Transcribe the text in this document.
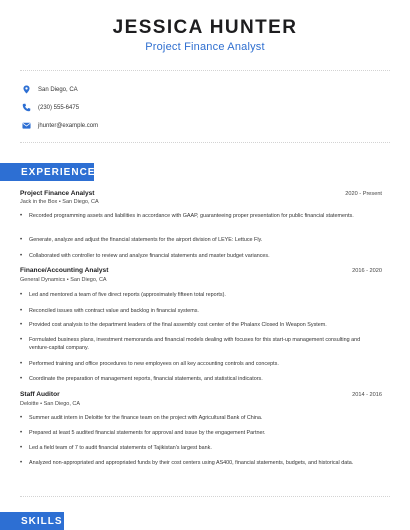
JESSICA HUNTER
Project Finance Analyst
San Diego, CA
(230) 555-6475
jhunter@example.com
EXPERIENCE
Project Finance Analyst	2020 - Present
Jack in the Box • San Diego, CA
•	Recorded programming assets and liabilities in accordance with GAAP, guaranteeing proper presentation for public financial statements.
•	Generate, analyze and adjust the financial statements for the airport division of LEYE: Lettuce Fly.
•	Collaborated with controller to review and analyze financial statements and master budget variances.
Finance/Accounting Analyst	2016 - 2020
General Dynamics • San Diego, CA
•	Led and mentored a team of five direct reports (approximately fifteen total reports).
•	Reconciled issues with contract value and backlog in financial systems.
•	Provided cost analysis to the department leaders of the final assembly cost center of the Phalanx Closed In Weapon System.
•	Formulated business plans, investment memoranda and financial models dealing with focuses for this start-up management consulting and venture-capital company.
•	Performed training and office procedures to new employees on all key accounting controls and concepts.
•	Coordinate the preparation of management reports, financial statements, and statistical indicators.
Staff Auditor	2014 - 2016
Deloitte • San Diego, CA
•	Summer audit intern in Deloitte for the finance team on the project with Agricultural Bank of China.
•	Prepared at least 5 audited financial statements for approval and issue by the engagement Partner.
•	Led a field team of 7 to audit financial statements of Tajikistan's largest bank.
•	Analyzed non-appropriated and appropriated funds by their cost centers using AS400, financial statements, budgets, and historical data.
SKILLS
